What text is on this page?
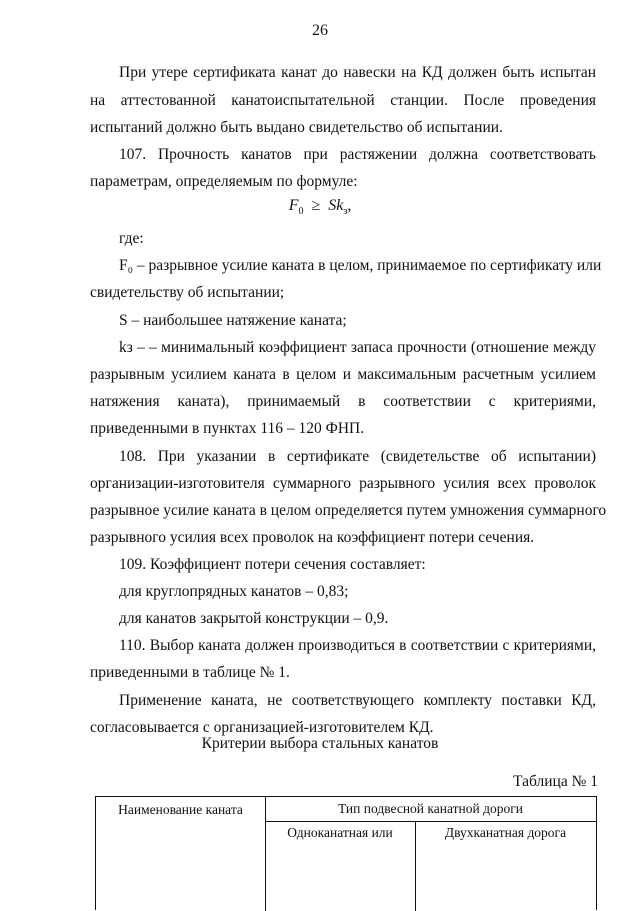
26
При утере сертификата канат до навески на КД должен быть испытан
на аттестованной канатоиспытательной станции. После проведения
испытаний должно быть выдано свидетельство об испытании.
107. Прочность канатов при растяжении должна соответствовать
параметрам, определяемым по формуле:
где:
F₀ – разрывное усилие каната в целом, принимаемое по сертификату или
свидетельству об испытании;
S – наибольшее натяжение каната;
kз – – минимальный коэффициент запаса прочности (отношение между
разрывным усилием каната в целом и максимальным расчетным усилием
натяжения каната), принимаемый в соответствии с критериями,
приведенными в пунктах 116 – 120 ФНП.
108. При указании в сертификате (свидетельстве об испытании)
организации-изготовителя суммарного разрывного усилия всех проволок
разрывное усилие каната в целом определяется путем умножения суммарного
разрывного усилия всех проволок на коэффициент потери сечения.
109. Коэффициент потери сечения составляет:
для круглопрядных канатов – 0,83;
для канатов закрытой конструкции – 0,9.
110. Выбор каната должен производиться в соответствии с критериями,
приведенными в таблице № 1.
Применение каната, не соответствующего комплекту поставки КД,
согласовывается с организацией-изготовителем КД.
$F_0 \ge Sk_з$,
Критерии выбора стальных канатов
Таблица № 1
Наименование каната	Тип подвесной канатной дороги
Одноканатная или	Двухканатная дорога
